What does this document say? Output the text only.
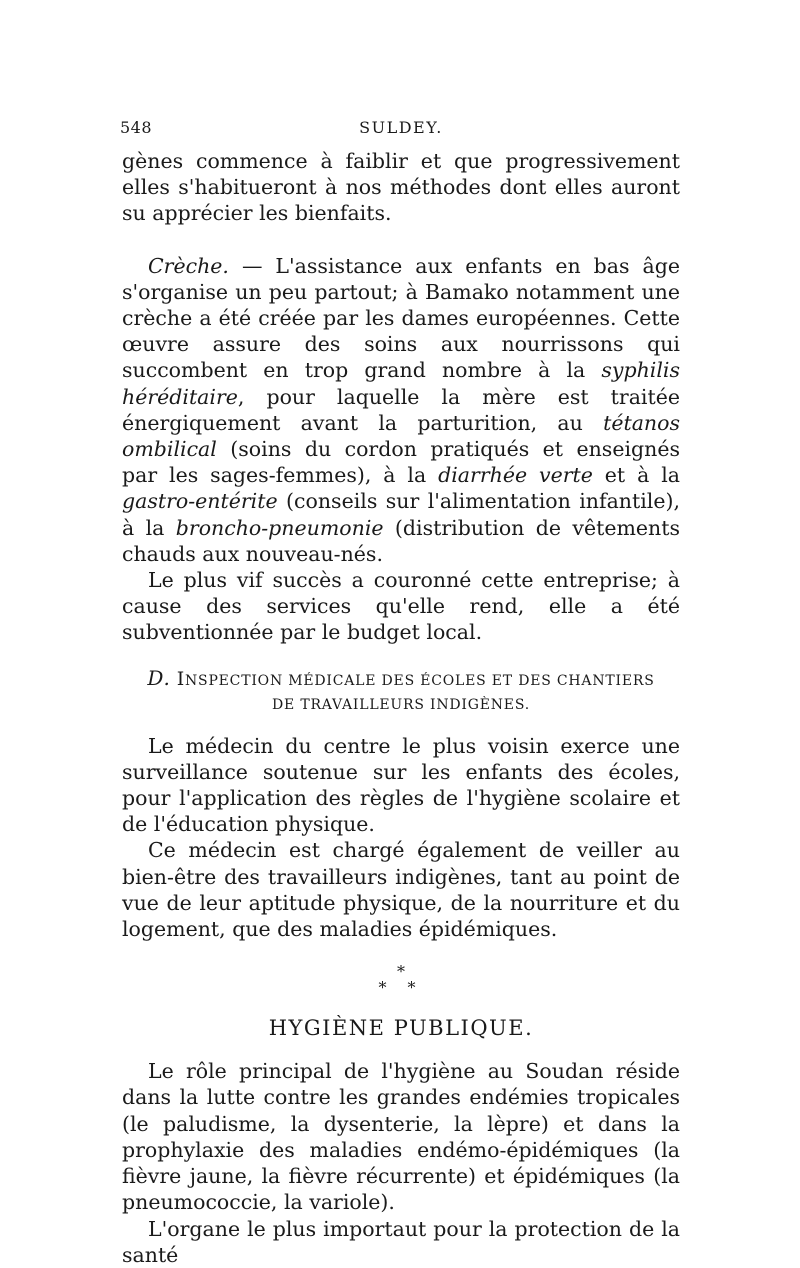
548	SULDEY.

gènes commence à faiblir et que progressivement elles s'habitueront à nos méthodes dont elles auront su apprécier les bienfaits.

Crèche. — L'assistance aux enfants en bas âge s'organise un peu partout; à Bamako notamment une crèche a été créée par les dames européennes. Cette œuvre assure des soins aux nourrissons qui succombent en trop grand nombre à la syphilis héréditaire, pour laquelle la mère est traitée énergiquement avant la parturition, au tétanos ombilical (soins du cordon pratiqués et enseignés par les sages-femmes), à la diarrhée verte et à la gastro-entérite (conseils sur l'alimentation infantile), à la broncho-pneumonie (distribution de vêtements chauds aux nouveau-nés.

Le plus vif succès a couronné cette entreprise; à cause des services qu'elle rend, elle a été subventionnée par le budget local.

D. INSPECTION MÉDICALE DES ÉCOLES ET DES CHANTIERS
DE TRAVAILLEURS INDIGÈNES.

Le médecin du centre le plus voisin exerce une surveillance soutenue sur les enfants des écoles, pour l'application des règles de l'hygiène scolaire et de l'éducation physique.

Ce médecin est chargé également de veiller au bien-être des travailleurs indigènes, tant au point de vue de leur aptitude physique, de la nourriture et du logement, que des maladies épidémiques.

*
* *
HYGIÈNE PUBLIQUE.

Le rôle principal de l'hygiène au Soudan réside dans la lutte contre les grandes endémies tropicales (le paludisme, la dysenterie, la lèpre) et dans la prophylaxie des maladies endémo-épidémiques (la fièvre jaune, la fièvre récurrente) et épidémiques (la pneumococcie, la variole).

L'organe le plus importaut pour la protection de la santé
